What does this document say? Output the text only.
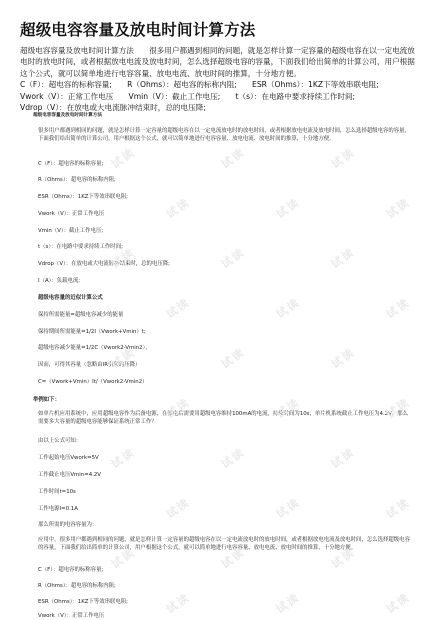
超级电容容量及放电时间计算方法

超级电容容量及放电时间计算方法　　很多用户都遇到相同的问题，就是怎样计算一定容量的超级电容在以一定电流放电时的放电时间，或者根据放电电流及放电时间，怎么选择超级电容的容量，下面我们给出简单的计算公司，用户根据这个公式，就可以简单地进行电容容量、放电电流、放电时间的推算，十分地方便。

C（F）：超电容的标称容量;　　R（Ohms）：超电容的标称内阻;　　ESR（Ohms）：1KZ下等效串联电阻;

Vwork（V）：正常工作电压　　Vmin（V）：截止工作电压;　　t（s）：在电路中要求持续工作时间;

Vdrop（V）：在放电或大电流脉冲结束时，总的电压降;

超级电容容量及放电时间计算方法

很多用户都遇到相同的问题，就是怎样计算一定容量的超级电容在以一定电流放电时的放电时间，或者根据放电电流及放电时间，怎么选择超级电容的容量，下面我们给出简单的计算公司，用户根据这个公式，就可以简单地进行电容容量、放电电流、放电时间的推算，十分地方便。

C（F）：超电容的标称容量;
R（Ohms）：超电容的标称内阻;
ESR（Ohms）：1KZ下等效串联电阻;
Vwork（V）：正常工作电压
Vmin（V）：截止工作电压;
t（s）：在电路中要求持续工作时间;
Vdrop（V）：在放电或大电流脉冲结束时，总的电压降;
I（A）：负载电流;
超级电容量的近似计算公式
保持所需能量=超级电容减少的能量
保持期间所需能量=1/2I（Vwork+Vmin）t;
超级电容减少能量=1/2C（Vwork2-Vmin2），
因而，可得其容量（忽略由IR引起的压降）
C=（Vwork+Vmin）It/（Vwork2-Vmin2）
举例如下：

如单片机应用系统中，应用超级电容作为后备电源，在掉电后需要用超级电容维持100mA的电流，持续时间为10s，单片机系统截止工作电压为4.2V，那么需要多大容量的超级电容能够保证系统正常工作？

由以上公式可知：
工作起始电压Vwork=5V
工作截止电压Vmin=4.2V
工作时间t=10s
工作电源I=0.1A
那么所需的电容容量为：

应用中，很多用户都遇到相同的问题，就是怎样计算一定容量的超级电容在以一定电流放电时的放电时间，或者根据放电电流及放电时间，怎么选择超级电容的容量，下面我们给出简单的计算公司，用户根据这个公式，就可以简单地进行电容容量、放电电流、放电时间的推算，十分地方便。

C（F）：超电容的标称容量;
R（Ohms）：超电容的标称内阻;
ESR（Ohms）：1KZ下等效串联电阻;
Vwork（V）：正常工作电压
试读	试读	试读
试读	试读	试读
试读	试读	试读
试读	试读	试读
试读	试读	试读
试读	试读	试读
试读	试读	试读
试读	试读	试读
试读	试读	试读
试读	试读	试读
